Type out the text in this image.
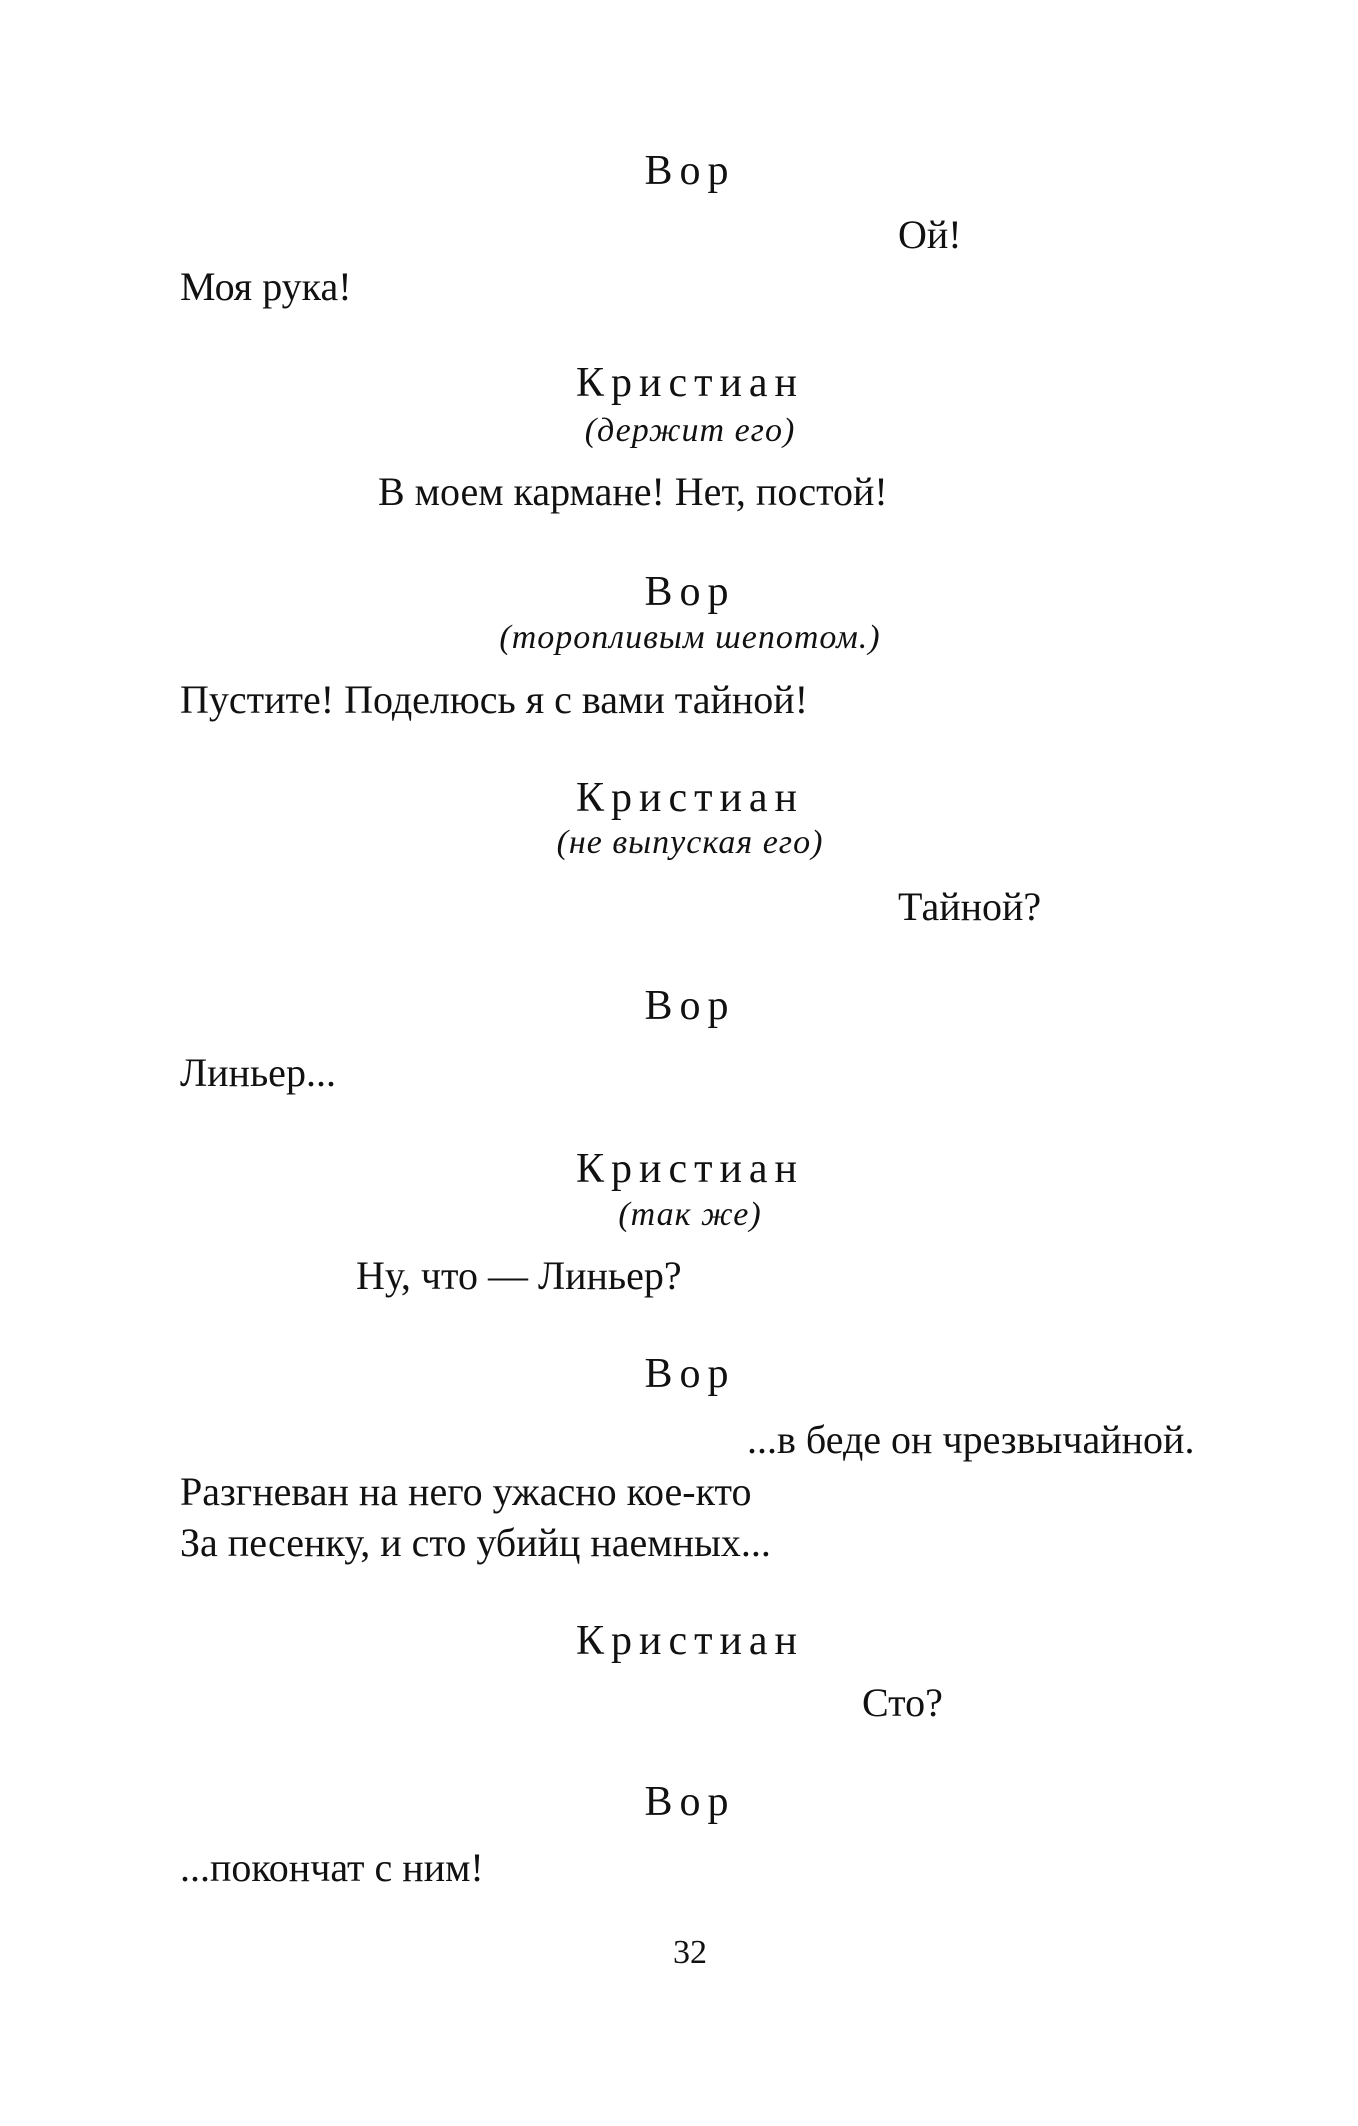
Вор
Ой!
Моя рука!
Кристиан
(держит его)
В моем кармане! Нет, постой!
Вор
(торопливым шепотом.)
Пустите! Поделюсь я с вами тайной!
Кристиан
(не выпуская его)
Тайной?
Вор
Линьер...
Кристиан
(так же)
Ну, что — Линьер?
Вор
...в беде он чрезвычайной.
Разгневан на него ужасно кое-кто
За песенку, и сто убийц наемных...
Кристиан
Сто?
Вор
...покончат с ним!
32
